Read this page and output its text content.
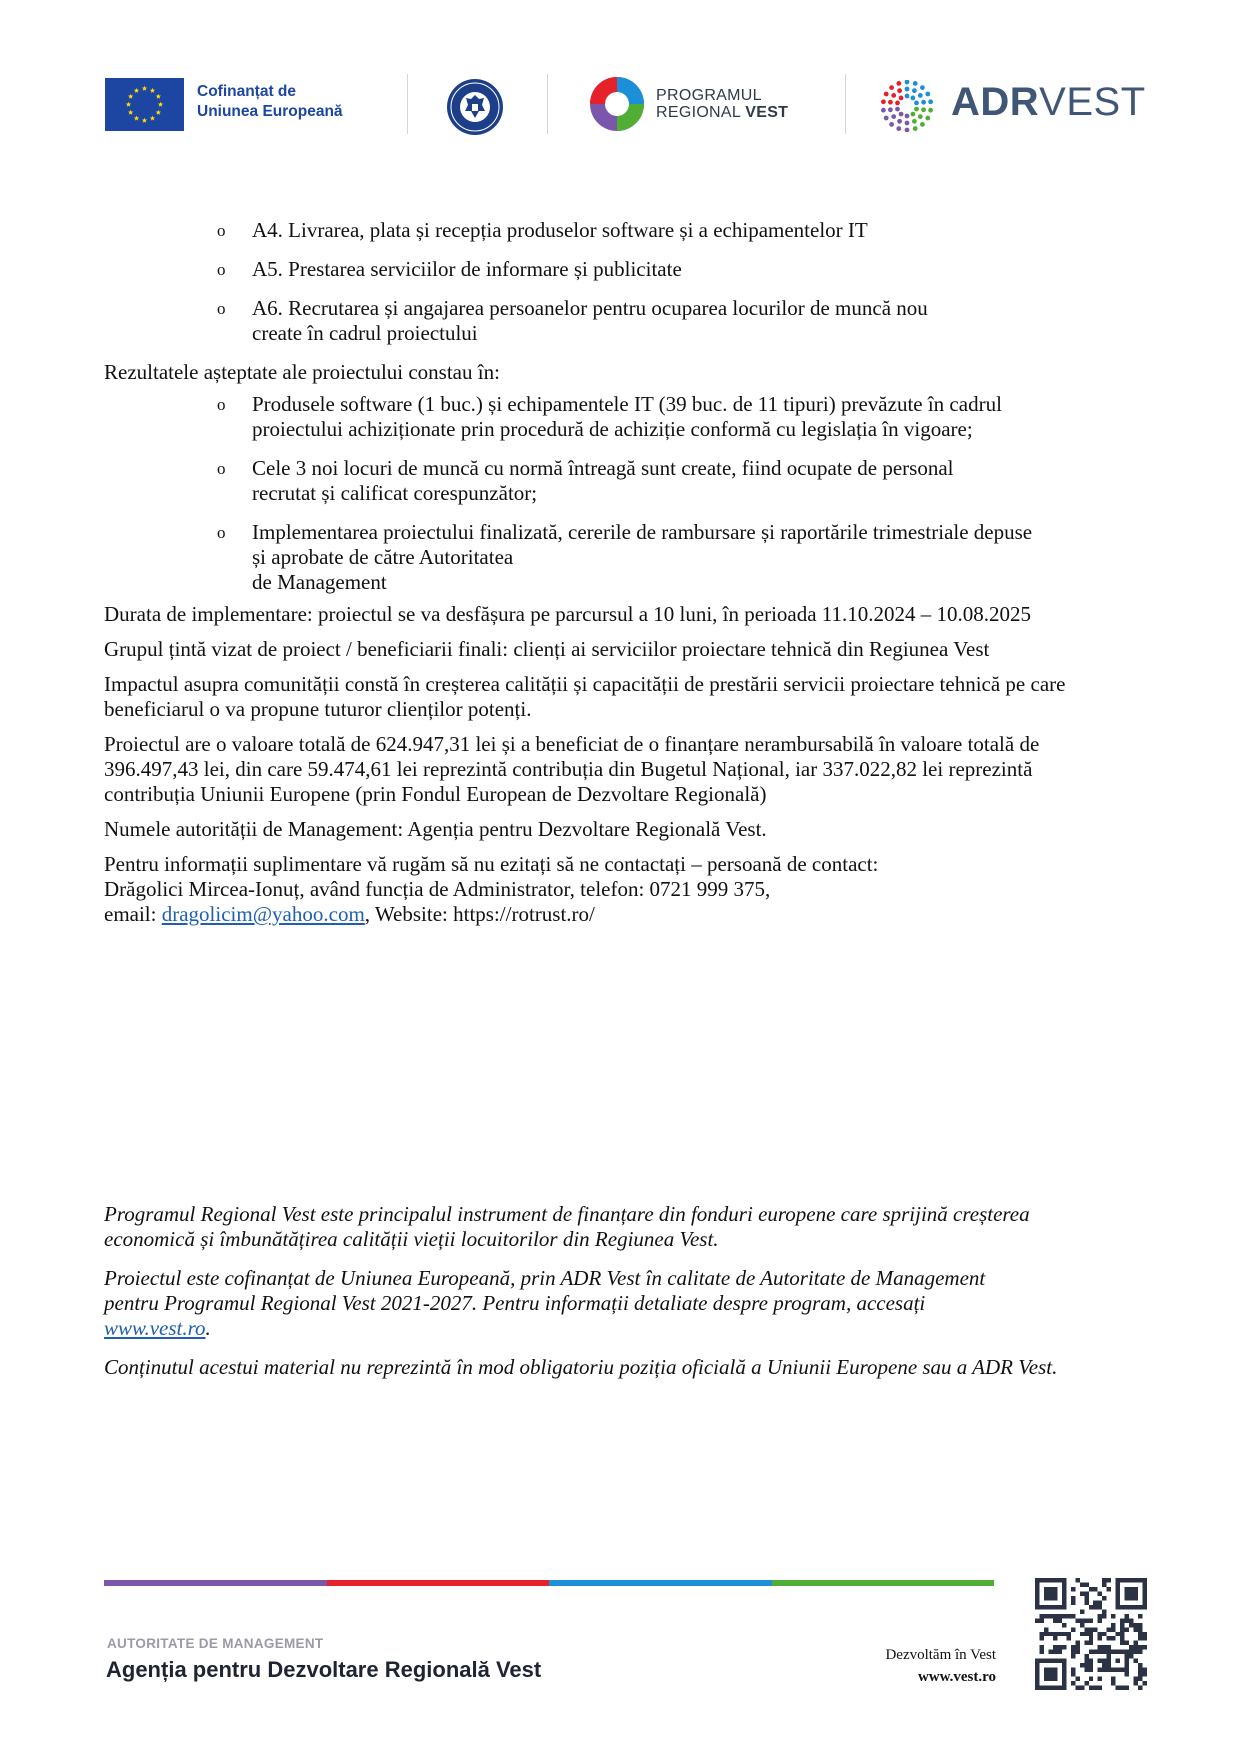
Cofinanțat de
Uniunea Europeană
PROGRAMUL
REGIONAL VEST	ADRVEST
o A4. Livrarea, plata și recepția produselor software și a echipamentelor IT
o A5. Prestarea serviciilor de informare și publicitate
o A6. Recrutarea și angajarea persoanelor pentru ocuparea locurilor de muncă nou create în cadrul proiectului

Rezultatele așteptate ale proiectului constau în:

o Produsele software (1 buc.) și echipamentele IT (39 buc. de 11 tipuri) prevăzute în cadrul proiectului achiziționate prin procedură de achiziție conformă cu legislația în vigoare;
o Cele 3 noi locuri de muncă cu normă întreagă sunt create, fiind ocupate de personal recrutat și calificat corespunzător;
o Implementarea proiectului finalizată, cererile de rambursare și raportările trimestriale depuse și aprobate de către Autoritatea
de Management

Durata de implementare: proiectul se va desfășura pe parcursul a 10 luni, în perioada 11.10.2024 – 10.08.2025

Grupul țintă vizat de proiect / beneficiarii finali: clienți ai serviciilor proiectare tehnică din Regiunea Vest

Impactul asupra comunității constă în creșterea calității și capacității de prestării servicii proiectare tehnică pe care beneficiarul o va propune tuturor clienților potenți.

Proiectul are o valoare totală de 624.947,31 lei și a beneficiat de o finanțare nerambursabilă în valoare totală de 396.497,43 lei, din care 59.474,61 lei reprezintă contribuția din Bugetul Național, iar 337.022,82 lei reprezintă contribuția Uniunii Europene (prin Fondul European de Dezvoltare Regională)

Numele autorității de Management: Agenția pentru Dezvoltare Regională Vest.

Pentru informații suplimentare vă rugăm să nu ezitați să ne contactați – persoană de contact:
Drăgolici Mircea-Ionuț, având funcția de Administrator, telefon: 0721 999 375,
email: dragolicim@yahoo.com, Website: https://rotrust.ro/

Programul Regional Vest este principalul instrument de finanțare din fonduri europene care sprijină creșterea economică și îmbunătățirea calității vieții locuitorilor din Regiunea Vest.

Proiectul este cofinanțat de Uniunea Europeană, prin ADR Vest în calitate de Autoritate de Management pentru Programul Regional Vest 2021-2027. Pentru informații detaliate despre program, accesați www.vest.ro.

Conținutul acestui material nu reprezintă în mod obligatoriu poziția oficială a Uniunii Europene sau a ADR Vest.

AUTORITATE DE MANAGEMENT
Agenția pentru Dezvoltare Regională Vest
Dezvoltăm în Vest
www.vest.ro
